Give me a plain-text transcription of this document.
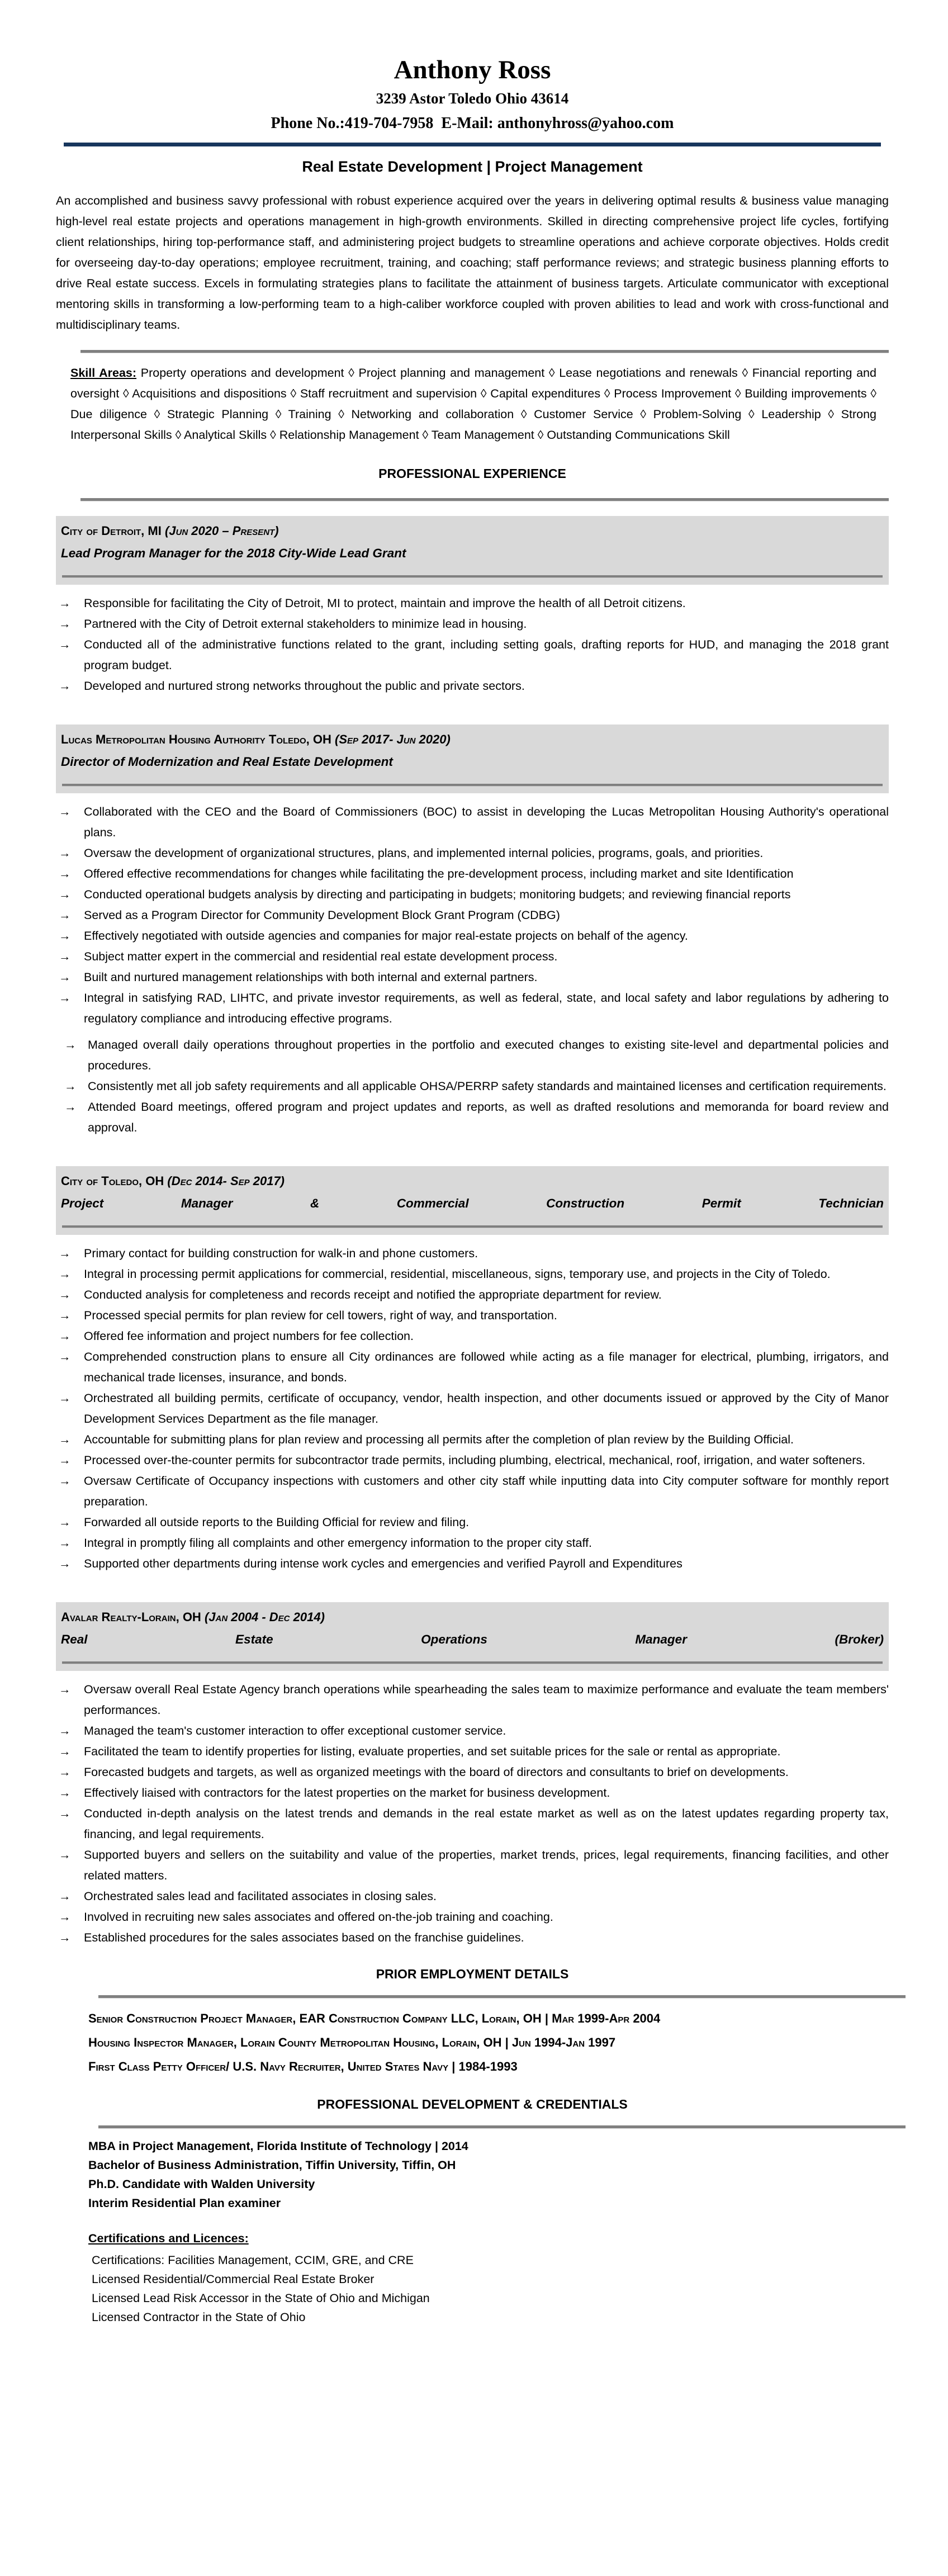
Anthony Ross
3239 Astor Toledo Ohio 43614
Phone No.:419-704-7958  E-Mail: anthonyhross@yahoo.com
Real Estate Development | Project Management

An accomplished and business savvy professional with robust experience acquired over the years in delivering optimal results & business value managing high-level real estate projects and operations management in high-growth environments. Skilled in directing comprehensive project life cycles, fortifying client relationships, hiring top-performance staff, and administering project budgets to streamline operations and achieve corporate objectives. Holds credit for overseeing day-to-day operations; employee recruitment, training, and coaching; staff performance reviews; and strategic business planning efforts to drive Real estate success. Excels in formulating strategies plans to facilitate the attainment of business targets. Articulate communicator with exceptional mentoring skills in transforming a low-performing team to a high-caliber workforce coupled with proven abilities to lead and work with cross-functional and multidisciplinary teams.

Skill Areas: Property operations and development ◊ Project planning and management ◊ Lease negotiations and renewals ◊ Financial reporting and oversight ◊ Acquisitions and dispositions ◊ Staff recruitment and supervision ◊ Capital expenditures ◊ Process Improvement ◊ Building improvements ◊ Due diligence ◊ Strategic Planning ◊ Training ◊ Networking and collaboration ◊ Customer Service ◊ Problem-Solving ◊ Leadership ◊ Strong Interpersonal Skills ◊ Analytical Skills ◊ Relationship Management ◊ Team Management ◊ Outstanding Communications Skill

PROFESSIONAL EXPERIENCE
City of Detroit, MI (Jun 2020 – Present)
Lead Program Manager for the 2018 City-Wide Lead Grant
→ Responsible for facilitating the City of Detroit, MI to protect, maintain and improve the health of all Detroit citizens.
→ Partnered with the City of Detroit external stakeholders to minimize lead in housing.
→ Conducted all of the administrative functions related to the grant, including setting goals, drafting reports for HUD, and managing the 2018 grant program budget.
→ Developed and nurtured strong networks throughout the public and private sectors.
Lucas Metropolitan Housing Authority Toledo, OH (Sep 2017- Jun 2020)
Director of Modernization and Real Estate Development
→ Collaborated with the CEO and the Board of Commissioners (BOC) to assist in developing the Lucas Metropolitan Housing Authority's operational plans.
→ Oversaw the development of organizational structures, plans, and implemented internal policies, programs, goals, and priorities.
→ Offered effective recommendations for changes while facilitating the pre-development process, including market and site Identification
→ Conducted operational budgets analysis by directing and participating in budgets; monitoring budgets; and reviewing financial reports
→ Served as a Program Director for Community Development Block Grant Program (CDBG)
→ Effectively negotiated with outside agencies and companies for major real-estate projects on behalf of the agency.
→ Subject matter expert in the commercial and residential real estate development process.
→ Built and nurtured management relationships with both internal and external partners.
→ Integral in satisfying RAD, LIHTC, and private investor requirements, as well as federal, state, and local safety and labor regulations by adhering to regulatory compliance and introducing effective programs.
→ Managed overall daily operations throughout properties in the portfolio and executed changes to existing site-level and departmental policies and procedures.
→ Consistently met all job safety requirements and all applicable OHSA/PERRP safety standards and maintained licenses and certification requirements.
→ Attended Board meetings, offered program and project updates and reports, as well as drafted resolutions and memoranda for board review and approval.
City of Toledo, OH (Dec 2014- Sep 2017)
Project Manager & Commercial Construction Permit Technician
→ Primary contact for building construction for walk-in and phone customers.
→ Integral in processing permit applications for commercial, residential, miscellaneous, signs, temporary use, and projects in the City of Toledo.
→ Conducted analysis for completeness and records receipt and notified the appropriate department for review.
→ Processed special permits for plan review for cell towers, right of way, and transportation.
→ Offered fee information and project numbers for fee collection.
→ Comprehended construction plans to ensure all City ordinances are followed while acting as a file manager for electrical, plumbing, irrigators, and mechanical trade licenses, insurance, and bonds.
→ Orchestrated all building permits, certificate of occupancy, vendor, health inspection, and other documents issued or approved by the City of Manor Development Services Department as the file manager.
→ Accountable for submitting plans for plan review and processing all permits after the completion of plan review by the Building Official.
→ Processed over-the-counter permits for subcontractor trade permits, including plumbing, electrical, mechanical, roof, irrigation, and water softeners.
→ Oversaw Certificate of Occupancy inspections with customers and other city staff while inputting data into City computer software for monthly report preparation.
→ Forwarded all outside reports to the Building Official for review and filing.
→ Integral in promptly filing all complaints and other emergency information to the proper city staff.
→ Supported other departments during intense work cycles and emergencies and verified Payroll and Expenditures
Avalar Realty-Lorain, OH (Jan 2004 - Dec 2014)
Real Estate Operations Manager (Broker)
→ Oversaw overall Real Estate Agency branch operations while spearheading the sales team to maximize performance and evaluate the team members' performances.
→ Managed the team's customer interaction to offer exceptional customer service.
→ Facilitated the team to identify properties for listing, evaluate properties, and set suitable prices for the sale or rental as appropriate.
→ Forecasted budgets and targets, as well as organized meetings with the board of directors and consultants to brief on developments.
→ Effectively liaised with contractors for the latest properties on the market for business development.
→ Conducted in-depth analysis on the latest trends and demands in the real estate market as well as on the latest updates regarding property tax, financing, and legal requirements.
→ Supported buyers and sellers on the suitability and value of the properties, market trends, prices, legal requirements, financing facilities, and other related matters.
→ Orchestrated sales lead and facilitated associates in closing sales.
→ Involved in recruiting new sales associates and offered on-the-job training and coaching.
→ Established procedures for the sales associates based on the franchise guidelines.
PRIOR EMPLOYMENT DETAILS

Senior Construction Project Manager, EAR Construction Company LLC, Lorain, OH | Mar 1999-Apr 2004

Housing Inspector Manager, Lorain County Metropolitan Housing, Lorain, OH | Jun 1994-Jan 1997

First Class Petty Officer/ U.S. Navy Recruiter, United States Navy | 1984-1993

PROFESSIONAL DEVELOPMENT & CREDENTIALS

MBA in Project Management, Florida Institute of Technology | 2014

Bachelor of Business Administration, Tiffin University, Tiffin, OH

Ph.D. Candidate with Walden University

Interim Residential Plan examiner

Certifications and Licences:

Certifications: Facilities Management, CCIM, GRE, and CRE

Licensed Residential/Commercial Real Estate Broker

Licensed Lead Risk Accessor in the State of Ohio and Michigan

Licensed Contractor in the State of Ohio
